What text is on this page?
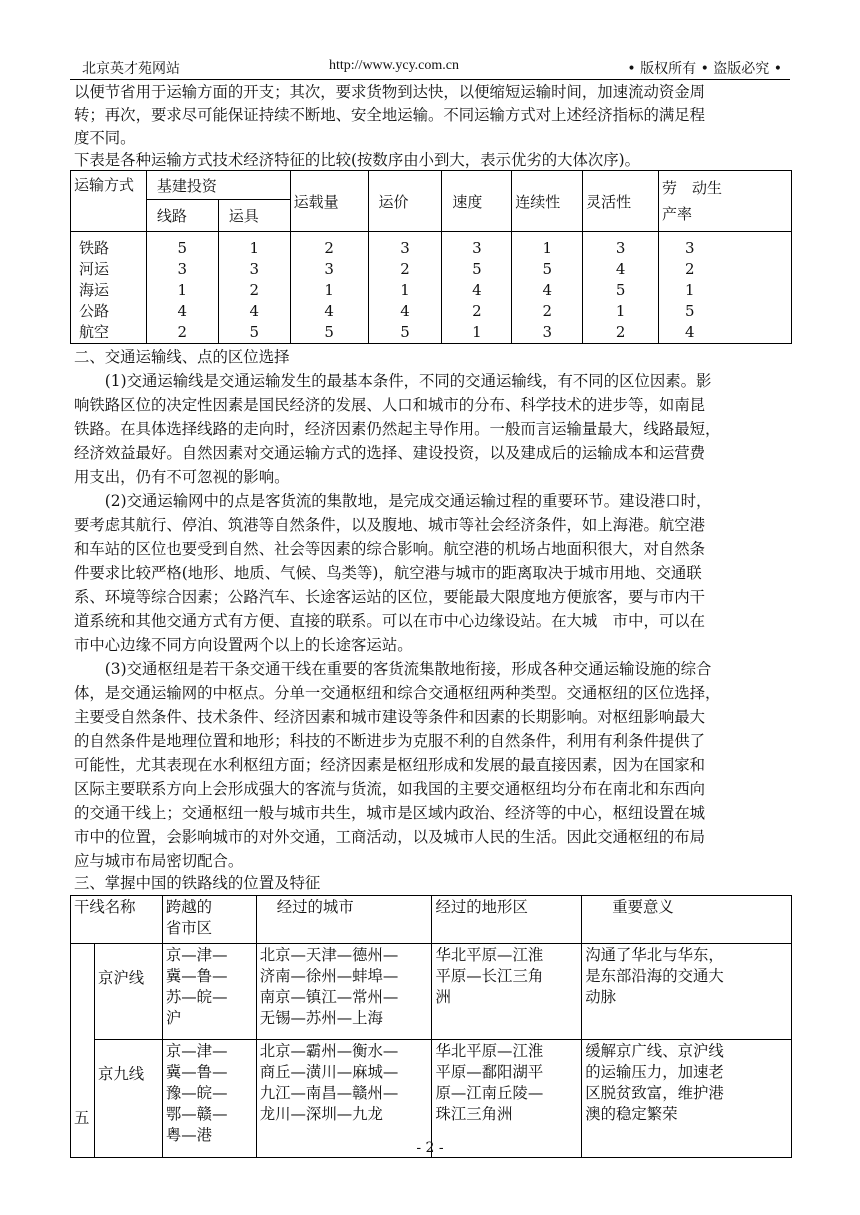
北京英才苑网站	http://www.ycy.com.cn	• 版权所有 • 盗版必究 •
以便节省用于运输方面的开支；其次，要求货物到达快，以便缩短运输时间，加速流动资金周
转；再次，要求尽可能保证持续不断地、安全地运输。不同运输方式对上述经济指标的满足程
度不同。
下表是各种运输方式技术经济特征的比较(按数序由小到大，表示优劣的大体次序)。
运输方式	基建投资		运载量	运价	速度	连续性	灵活性	劳　动生产率
	线路	运具						
铁路	5	1	2	3	3	1	3	3
河运	3	3	3	2	5	5	4	2
海运	1	2	1	1	4	4	5	1
公路	4	4	4	4	2	2	1	5
航空	2	5	5	5	1	3	2	4
二、交通运输线、点的区位选择
　　(1)交通运输线是交通运输发生的最基本条件，不同的交通运输线，有不同的区位因素。影
响铁路区位的决定性因素是国民经济的发展、人口和城市的分布、科学技术的进步等，如南昆
铁路。在具体选择线路的走向时，经济因素仍然起主导作用。一般而言运输量最大，线路最短，
经济效益最好。自然因素对交通运输方式的选择、建设投资，以及建成后的运输成本和运营费
用支出，仍有不可忽视的影响。
　　(2)交通运输网中的点是客货流的集散地，是完成交通运输过程的重要环节。建设港口时，
要考虑其航行、停泊、筑港等自然条件，以及腹地、城市等社会经济条件，如上海港。航空港
和车站的区位也要受到自然、社会等因素的综合影响。航空港的机场占地面积很大，对自然条
件要求比较严格(地形、地质、气候、鸟类等)，航空港与城市的距离取决于城市用地、交通联
系、环境等综合因素；公路汽车、长途客运站的区位，要能最大限度地方便旅客，要与市内干
道系统和其他交通方式有方便、直接的联系。可以在市中心边缘设站。在大城　市中，可以在
市中心边缘不同方向设置两个以上的长途客运站。
　　(3)交通枢纽是若干条交通干线在重要的客货流集散地衔接，形成各种交通运输设施的综合
体，是交通运输网的中枢点。分单一交通枢纽和综合交通枢纽两种类型。交通枢纽的区位选择，
主要受自然条件、技术条件、经济因素和城市建设等条件和因素的长期影响。对枢纽影响最大
的自然条件是地理位置和地形；科技的不断进步为克服不利的自然条件，利用有利条件提供了
可能性，尤其表现在水利枢纽方面；经济因素是枢纽形成和发展的最直接因素，因为在国家和
区际主要联系方向上会形成强大的客流与货流，如我国的主要交通枢纽均分布在南北和东西向
的交通干线上；交通枢纽一般与城市共生，城市是区域内政治、经济等的中心，枢纽设置在城
市中的位置，会影响城市的对外交通，工商活动，以及城市人民的生活。因此交通枢纽的布局
应与城市布局密切配合。
三、掌握中国的铁路线的位置及特征
干线名称		跨越的
省市区	经过的城市	经过的地形区	重要意义
五	京沪线	京—津—
冀—鲁—
苏—皖—
沪	北京—天津—德州—
济南—徐州—蚌埠—
南京—镇江—常州—
无锡—苏州—上海	华北平原—江淮
平原—长江三角
洲	沟通了华北与华东，
是东部沿海的交通大
动脉
	京九线	京—津—
冀—鲁—
豫—皖—
鄂—赣—
粤—港	北京—霸州—衡水—
商丘—潢川—麻城—
九江—南昌—赣州—
龙川—深圳—九龙	华北平原—江淮
平原—鄱阳湖平
原—江南丘陵—
珠江三角洲	缓解京广线、京沪线
的运输压力，加速老
区脱贫致富，维护港
澳的稳定繁荣
- 2 -
